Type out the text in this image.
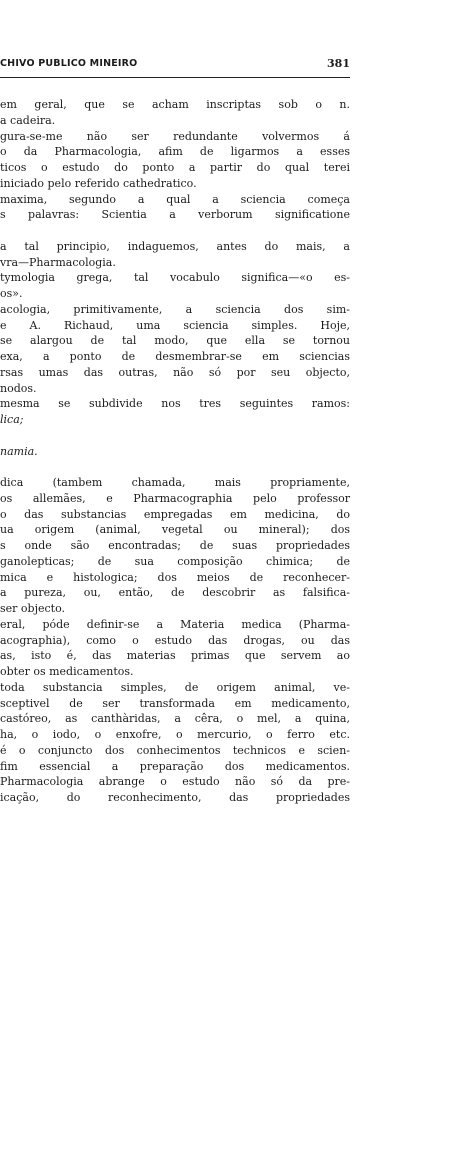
CHIVO PUBLICO MINEIRO	381
em geral, que se acham inscriptas sob o n.
a cadeira.
gura-se-me não ser redundante volvermos á
o da Pharmacologia, afim de ligarmos a esses
ticos o estudo do ponto a partir do qual terei
iniciado pelo referido cathedratico.
maxima, segundo a qual a sciencia começa
s palavras: Scientia a verborum significatione
a tal principio, indaguemos, antes do mais, a
vra—Pharmacologia.
tymologia grega, tal vocabulo significa—«o es-
os».
acologia, primitivamente, a sciencia dos sim-
e A. Richaud, uma sciencia simples. Hoje,
se alargou de tal modo, que ella se tornou
exa, a ponto de desmembrar-se em sciencias
rsas umas das outras, não só por seu objecto,
nodos.
mesma se subdivide nos tres seguintes ramos:
lica;
namia.
dica (tambem chamada, mais propriamente,
os allemães, e Pharmacographia pelo professor
o das substancias empregadas em medicina, do
ua origem (animal, vegetal ou mineral); dos
s onde são encontradas; de suas propriedades
ganolepticas; de sua composição chimica; de
mica e histologica; dos meios de reconhecer-
a pureza, ou, então, de descobrir as falsifica-
ser objecto.
eral, póde definir-se a Materia medica (Pharma-
acographia), como o estudo das drogas, ou das
as, isto é, das materias primas que servem ao
obter os medicamentos.
toda substancia simples, de origem animal, ve-
sceptivel de ser transformada em medicamento,
castóreo, as canthàridas, a cêra, o mel, a quina,
ha, o iodo, o enxofre, o mercurio, o ferro etc.
é o conjuncto dos conhecimentos technicos e scien-
fim essencial a preparação dos medicamentos.
Pharmacologia abrange o estudo não só da pre-
icação, do reconhecimento, das propriedades
